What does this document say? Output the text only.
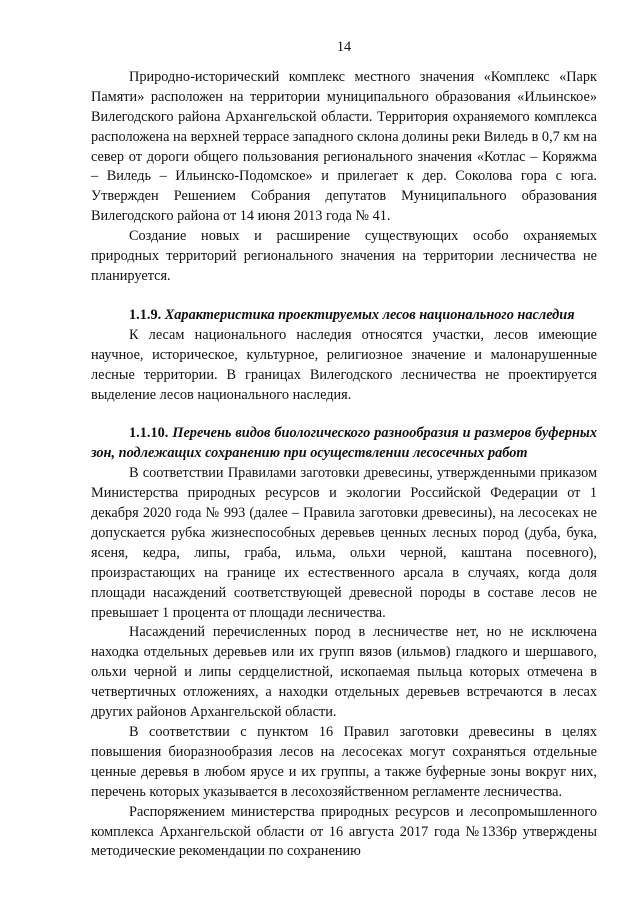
14

Природно-исторический комплекс местного значения «Комплекс «Парк Памяти» расположен на территории муниципального образования «Ильинское» Вилегодского района Архангельской области. Территория охраняемого комплекса расположена на верхней террасе западного склона долины реки Виледь в 0,7 км на север от дороги общего пользования регионального значения «Котлас – Коряжма – Виледь – Ильинско-Подомское» и прилегает к дер. Соколова гора с юга. Утвержден Решением Собрания депутатов Муниципального образования Вилегодского района от 14 июня 2013 года № 41.

Создание новых и расширение существующих особо охраняемых природных территорий регионального значения на территории лесничества не планируется.

1.1.9. Характеристика проектируемых лесов национального наследия

К лесам национального наследия относятся участки, лесов имеющие научное, историческое, культурное, религиозное значение и малонарушенные лесные территории. В границах Вилегодского лесничества не проектируется выделение лесов национального наследия.

1.1.10. Перечень видов биологического разнообразия и размеров буферных зон, подлежащих сохранению при осуществлении лесосечных работ

В соответствии Правилами заготовки древесины, утвержденными приказом Министерства природных ресурсов и экологии Российской Федерации от 1 декабря 2020 года № 993 (далее – Правила заготовки древесины), на лесосеках не допускается рубка жизнеспособных деревьев ценных лесных пород (дуба, бука, ясеня, кедра, липы, граба, ильма, ольхи черной, каштана посевного), произрастающих на границе их естественного арсала в случаях, когда доля площади насаждений соответствующей древесной породы в составе лесов не превышает 1 процента от площади лесничества.

Насаждений перечисленных пород в лесничестве нет, но не исключена находка отдельных деревьев или их групп вязов (ильмов) гладкого и шершавого, ольхи черной и липы сердцелистной, ископаемая пыльца которых отмечена в четвертичных отложениях, а находки отдельных деревьев встречаются в лесах других районов Архангельской области.

В соответствии с пунктом 16 Правил заготовки древесины в целях повышения биоразнообразия лесов на лесосеках могут сохраняться отдельные ценные деревья в любом ярусе и их группы, а также буферные зоны вокруг них, перечень которых указывается в лесохозяйственном регламенте лесничества.

Распоряжением министерства природных ресурсов и лесопромышленного комплекса Архангельской области от 16 августа 2017 года №1336р утверждены методические рекомендации по сохранению
